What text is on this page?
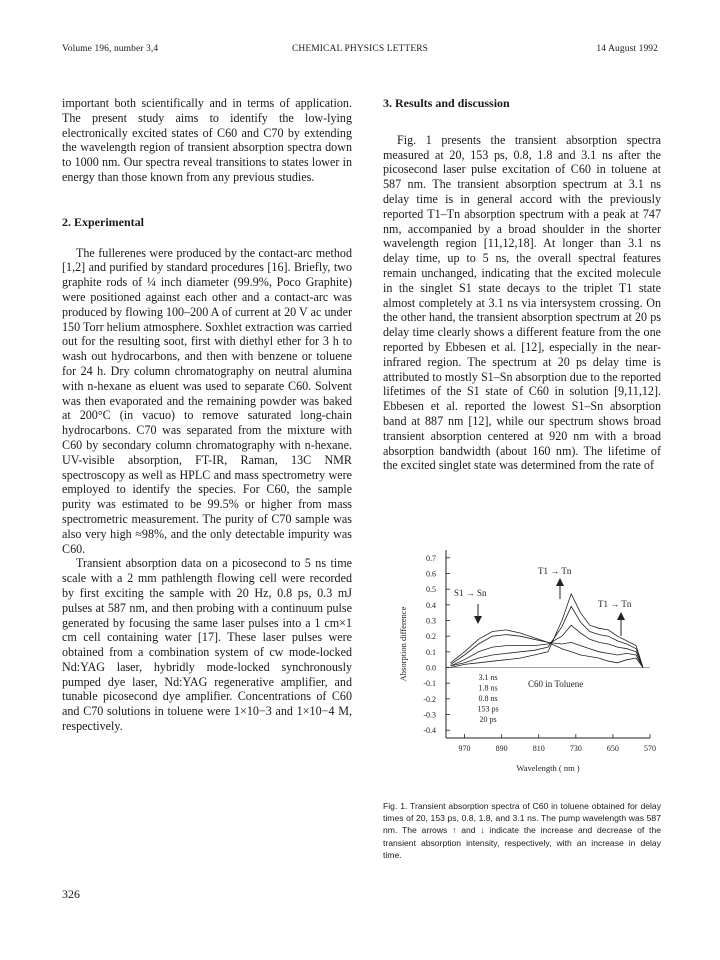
Volume 196, number 3,4	CHEMICAL PHYSICS LETTERS	14 August 1992

important both scientifically and in terms of application. The present study aims to identify the low-lying electronically excited states of C60 and C70 by extending the wavelength region of transient absorption spectra down to 1000 nm. Our spectra reveal transitions to states lower in energy than those known from any previous studies.

2. Experimental

The fullerenes were produced by the contact-arc method [1,2] and purified by standard procedures [16]. Briefly, two graphite rods of ¼ inch diameter (99.9%, Poco Graphite) were positioned against each other and a contact-arc was produced by flowing 100–200 A of current at 20 V ac under 150 Torr helium atmosphere. Soxhlet extraction was carried out for the resulting soot, first with diethyl ether for 3 h to wash out hydrocarbons, and then with benzene or toluene for 24 h. Dry column chromatography on neutral alumina with n-hexane as eluent was used to separate C60. Solvent was then evaporated and the remaining powder was baked at 200°C (in vacuo) to remove saturated long-chain hydrocarbons. C70 was separated from the mixture with C60 by secondary column chromatography with n-hexane. UV-visible absorption, FT-IR, Raman, 13C NMR spectroscopy as well as HPLC and mass spectrometry were employed to identify the species. For C60, the sample purity was estimated to be 99.5% or higher from mass spectrometric measurement. The purity of C70 sample was also very high ≈98%, and the only detectable impurity was C60.

Transient absorption data on a picosecond to 5 ns time scale with a 2 mm pathlength flowing cell were recorded by first exciting the sample with 20 Hz, 0.8 ps, 0.3 mJ pulses at 587 nm, and then probing with a continuum pulse generated by focusing the same laser pulses into a 1 cm×1 cm cell containing water [17]. These laser pulses were obtained from a combination system of cw mode-locked Nd:YAG laser, hybridly mode-locked synchronously pumped dye laser, Nd:YAG regenerative amplifier, and tunable picosecond dye amplifier. Concentrations of C60 and C70 solutions in toluene were 1×10−3 and 1×10−4 M, respectively.

3. Results and discussion

Fig. 1 presents the transient absorption spectra measured at 20, 153 ps, 0.8, 1.8 and 3.1 ns after the picosecond laser pulse excitation of C60 in toluene at 587 nm. The transient absorption spectrum at 3.1 ns delay time is in general accord with the previously reported T1–Tn absorption spectrum with a peak at 747 nm, accompanied by a broad shoulder in the shorter wavelength region [11,12,18]. At longer than 3.1 ns delay time, up to 5 ns, the overall spectral features remain unchanged, indicating that the excited molecule in the singlet S1 state decays to the triplet T1 state almost completely at 3.1 ns via intersystem crossing. On the other hand, the transient absorption spectrum at 20 ps delay time clearly shows a different feature from the one reported by Ebbesen et al. [12], especially in the near-infrared region. The spectrum at 20 ps delay time is attributed to mostly S1–Sn absorption due to the reported lifetimes of the S1 state of C60 in solution [9,11,12]. Ebbesen et al. reported the lowest S1–Sn absorption band at 887 nm [12], while our spectrum shows broad transient absorption centered at 920 nm with a broad absorption bandwidth (about 160 nm). The lifetime of the excited singlet state was determined from the rate of

0.7
0.6
0.5
0.4
0.3
0.2
0.1
0.0
-0.1
-0.2
-0.3
-0.4
970	890	810	730	650	570
Wavelength ( nm )
Absorption difference
T1 → Tn
T1 → Tn
S1 → Sn
C60 in Toluene
3.1 ns
1.8 ns
0.8 ns
153 ps
20 ps
Fig. 1. Transient absorption spectra of C60 in toluene obtained for delay times of 20, 153 ps, 0.8, 1.8, and 3.1 ns. The pump wavelength was 587 nm. The arrows ↑ and ↓ indicate the increase and decrease of the transient absorption intensity, respectively, with an increase in delay time.
326
